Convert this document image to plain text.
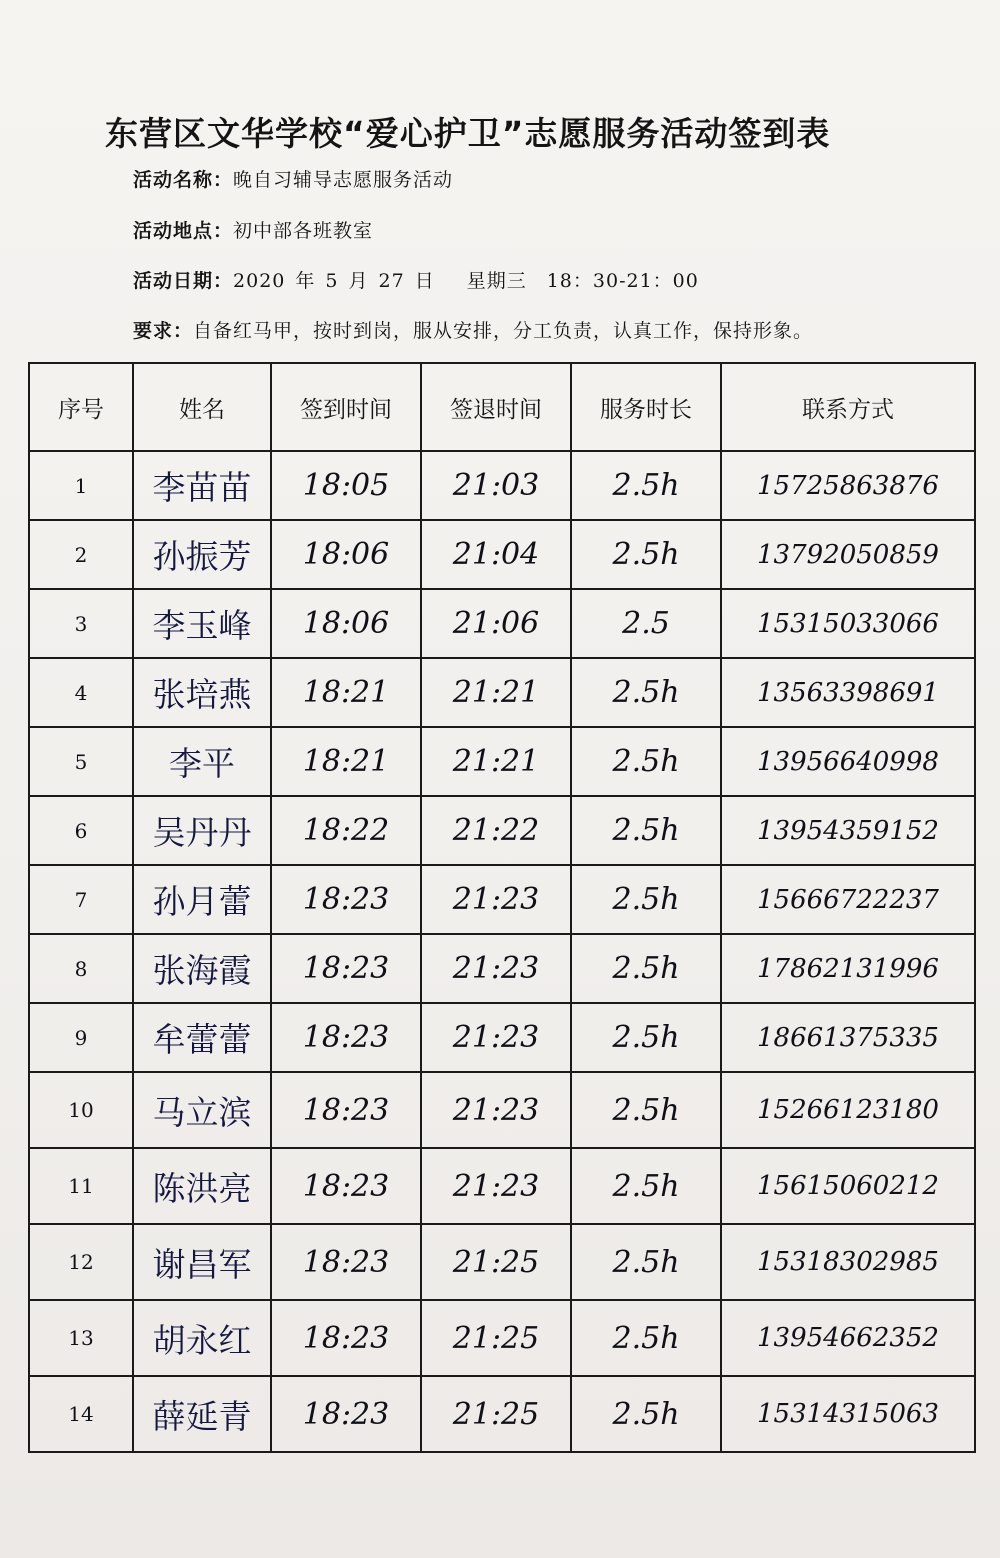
东营区文华学校“爱心护卫”志愿服务活动签到表
活动名称：晚自习辅导志愿服务活动
活动地点：初中部各班教室
活动日期：2020 年 5 月 27 日 星期三 18：30-21：00
要求：自备红马甲，按时到岗，服从安排，分工负责，认真工作，保持形象。
序号	姓名	签到时间	签退时间	服务时长	联系方式
1	李苗苗	18:05	21:03	2.5h	15725863876
2	孙振芳	18:06	21:04	2.5h	13792050859
3	李玉峰	18:06	21:06	2.5	15315033066
4	张培燕	18:21	21:21	2.5h	13563398691
5	李平	18:21	21:21	2.5h	13956640998
6	吴丹丹	18:22	21:22	2.5h	13954359152
7	孙月蕾	18:23	21:23	2.5h	15666722237
8	张海霞	18:23	21:23	2.5h	17862131996
9	牟蕾蕾	18:23	21:23	2.5h	18661375335
10	马立滨	18:23	21:23	2.5h	15266123180
11	陈洪亮	18:23	21:23	2.5h	15615060212
12	谢昌军	18:23	21:25	2.5h	15318302985
13	胡永红	18:23	21:25	2.5h	13954662352
14	薛延青	18:23	21:25	2.5h	15314315063
